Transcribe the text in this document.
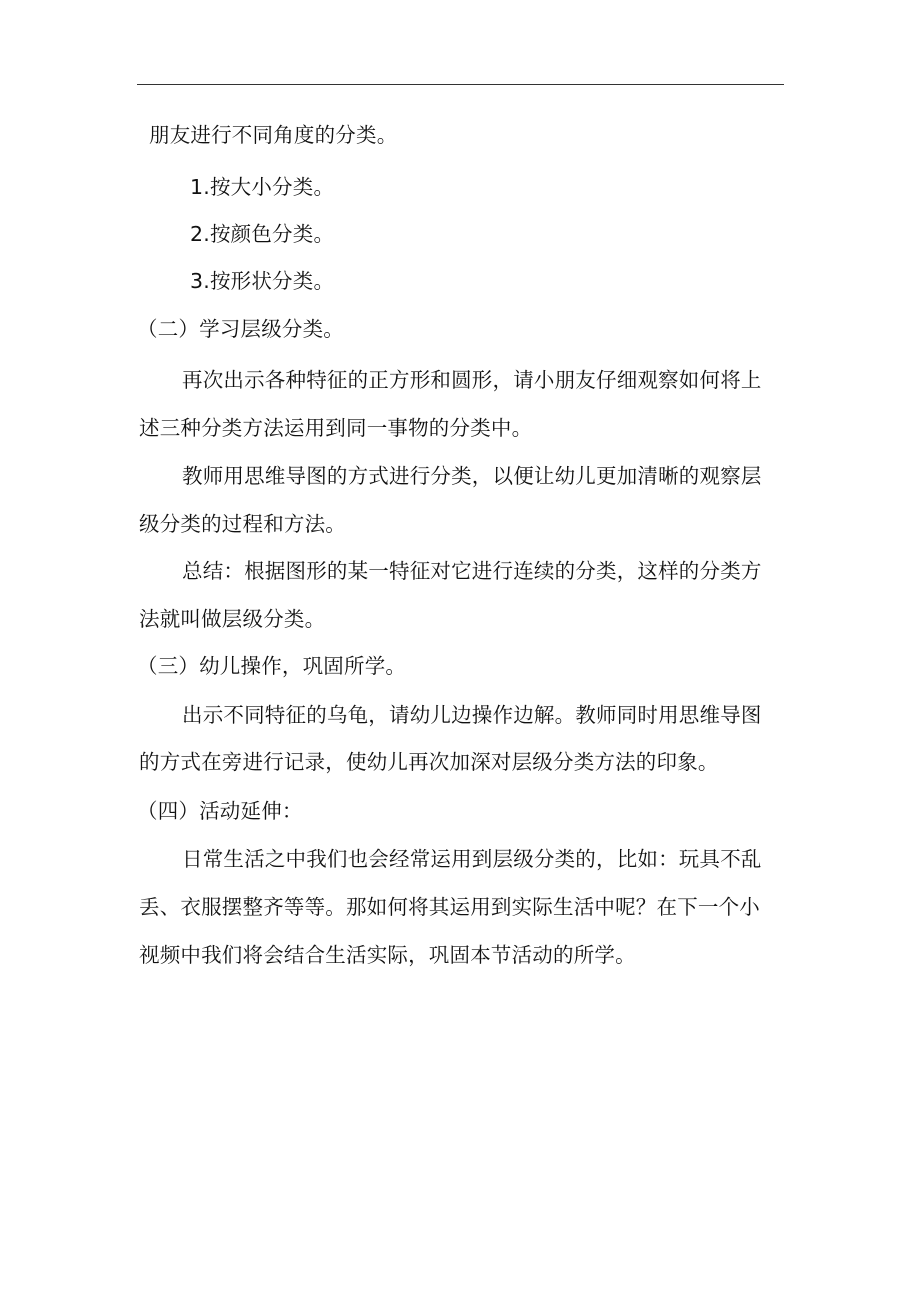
朋友进行不同角度的分类。
1.按大小分类。
2.按颜色分类。
3.按形状分类。
（二）学习层级分类。
再次出示各种特征的正方形和圆形，请小朋友仔细观察如何将上
述三种分类方法运用到同一事物的分类中。
教师用思维导图的方式进行分类，以便让幼儿更加清晰的观察层
级分类的过程和方法。
总结：根据图形的某一特征对它进行连续的分类，这样的分类方
法就叫做层级分类。
（三）幼儿操作，巩固所学。
出示不同特征的乌龟，请幼儿边操作边解。教师同时用思维导图
的方式在旁进行记录，使幼儿再次加深对层级分类方法的印象。
（四）活动延伸：
日常生活之中我们也会经常运用到层级分类的，比如：玩具不乱
丢、衣服摆整齐等等。那如何将其运用到实际生活中呢？在下一个小
视频中我们将会结合生活实际，巩固本节活动的所学。
